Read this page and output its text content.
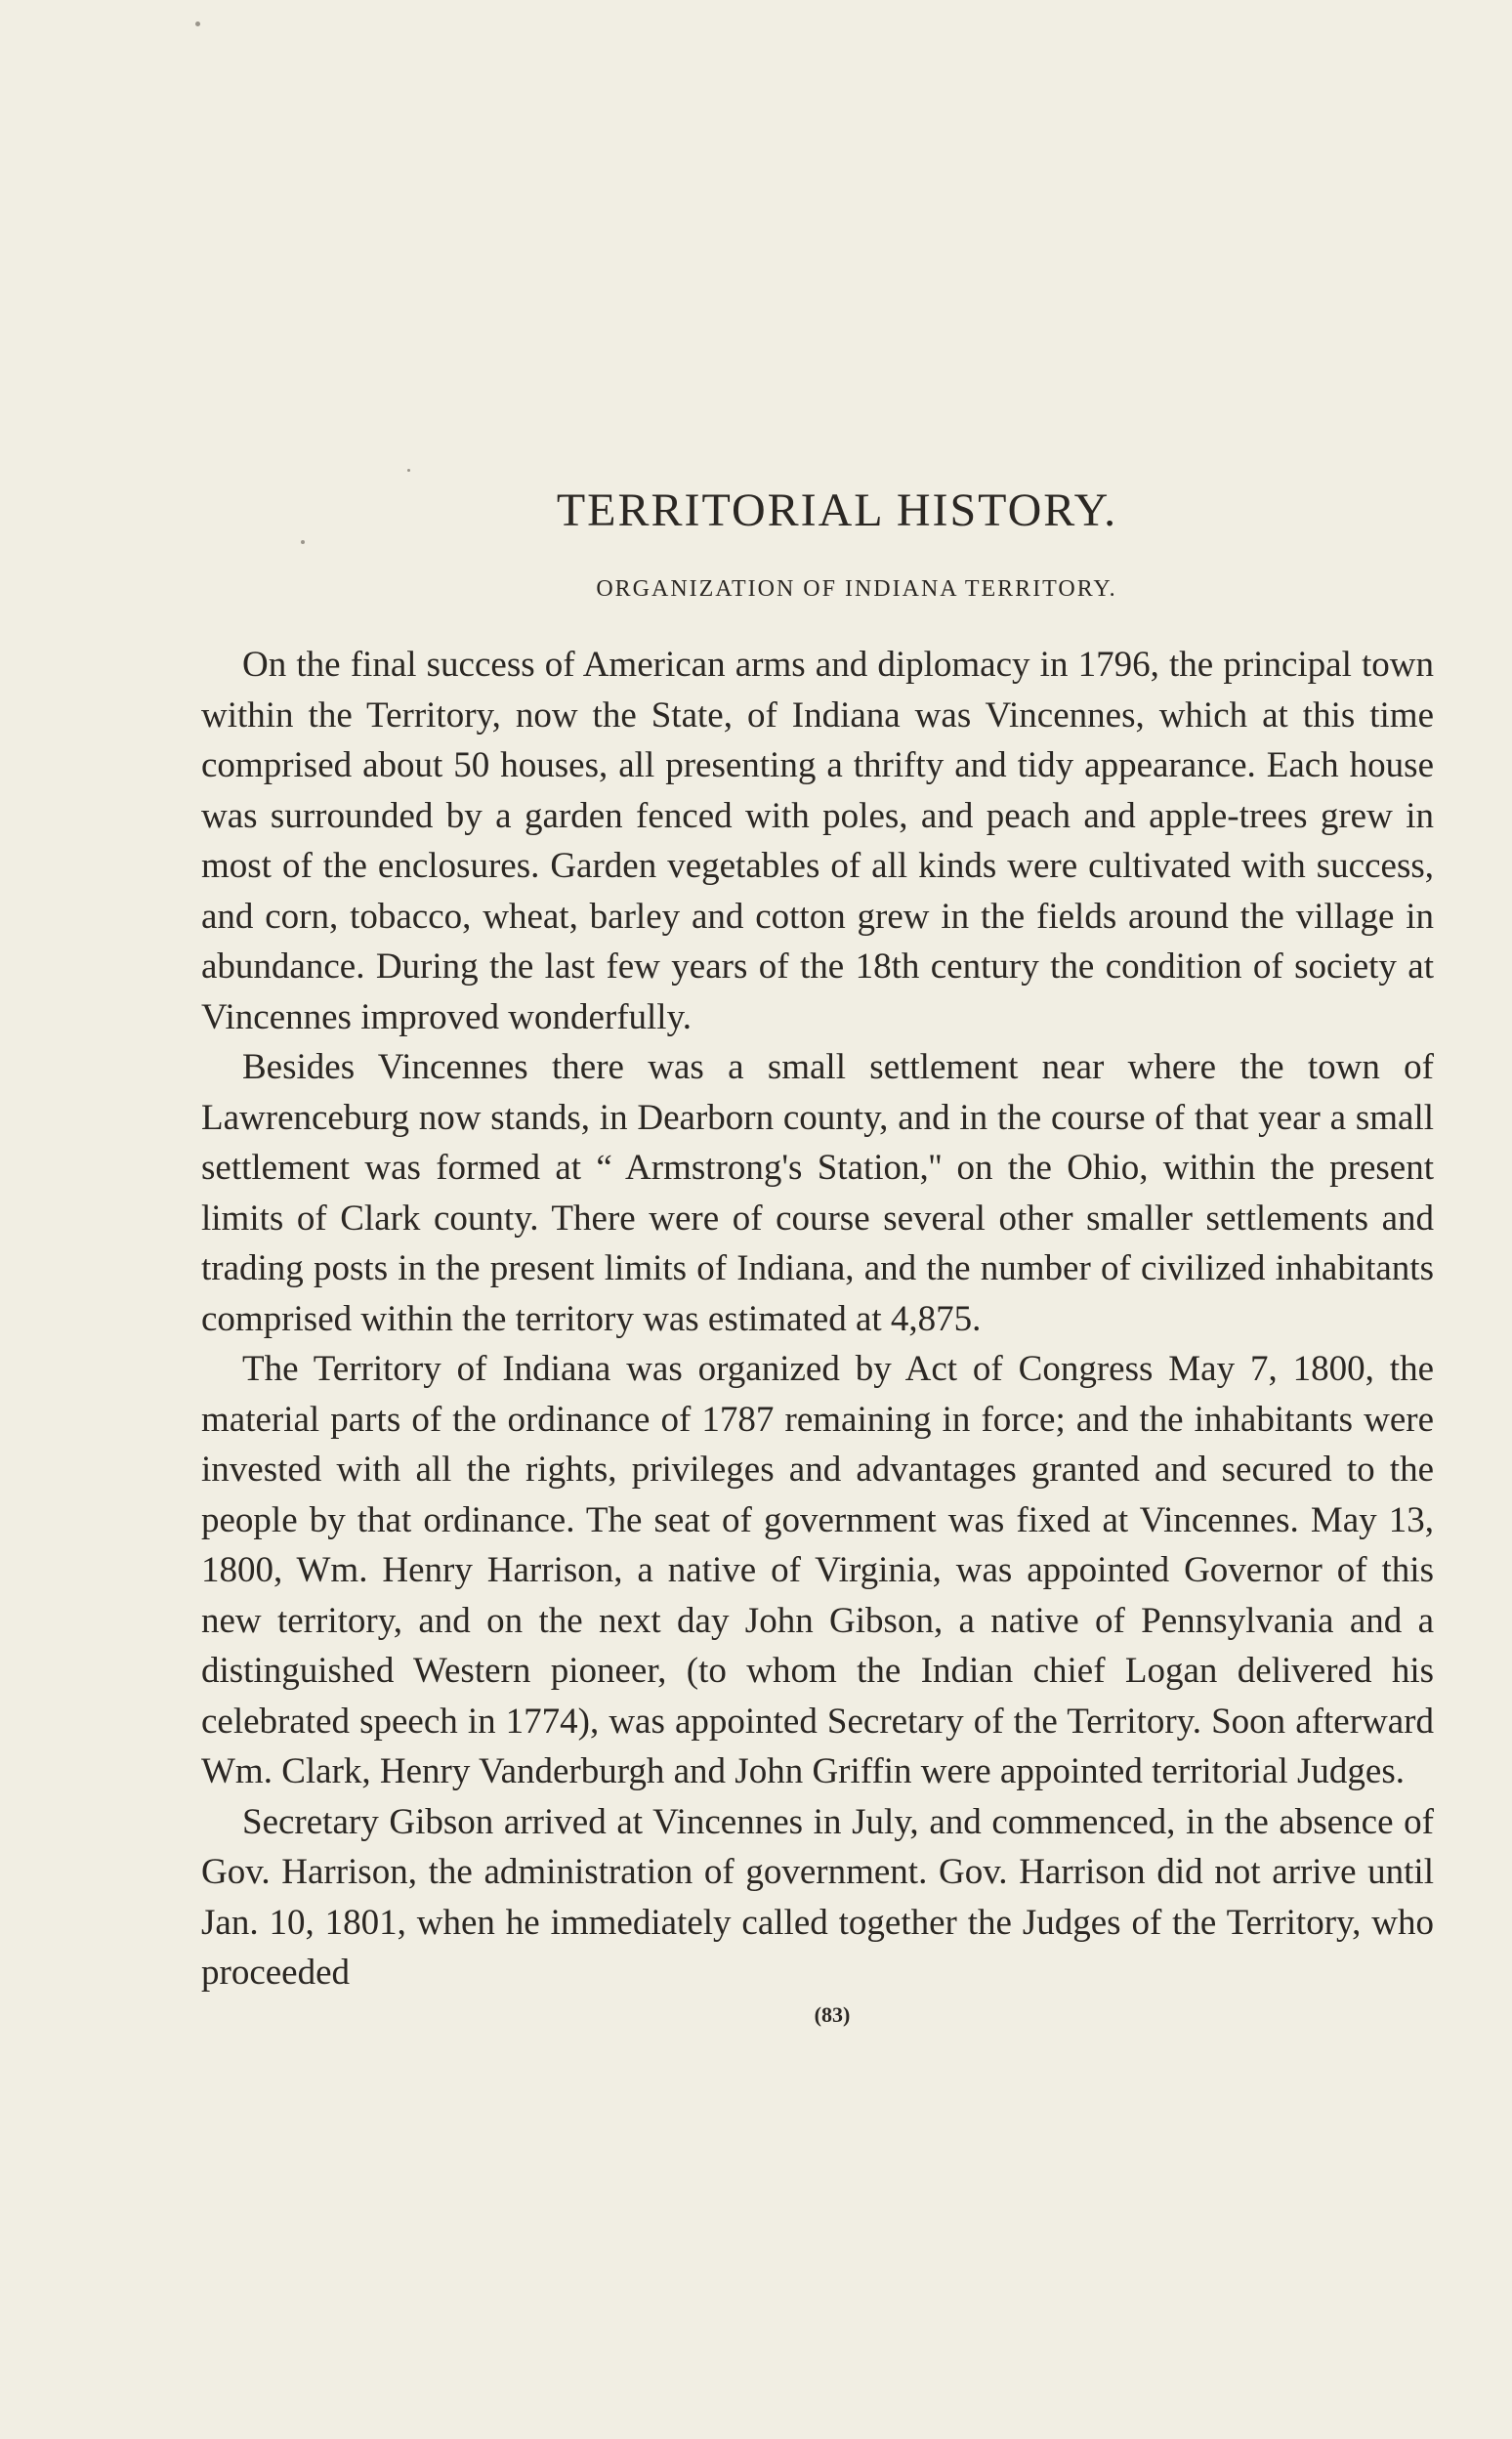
TERRITORIAL HISTORY.
ORGANIZATION OF INDIANA TERRITORY.

On the final success of American arms and diplomacy in 1796, the principal town within the Territory, now the State, of Indiana was Vincennes, which at this time comprised about 50 houses, all presenting a thrifty and tidy appearance. Each house was surrounded by a garden fenced with poles, and peach and apple-trees grew in most of the enclosures. Garden vegetables of all kinds were cultivated with success, and corn, tobacco, wheat, barley and cotton grew in the fields around the village in abundance. During the last few years of the 18th century the condition of society at Vincennes improved wonderfully.

Besides Vincennes there was a small settlement near where the town of Lawrenceburg now stands, in Dearborn county, and in the course of that year a small settlement was formed at “ Armstrong's Station,'' on the Ohio, within the present limits of Clark county. There were of course several other smaller settlements and trading posts in the present limits of Indiana, and the number of civilized inhabitants comprised within the territory was estimated at 4,875.

The Territory of Indiana was organized by Act of Congress May 7, 1800, the material parts of the ordinance of 1787 remaining in force; and the inhabitants were invested with all the rights, privileges and advantages granted and secured to the people by that ordinance. The seat of government was fixed at Vincennes. May 13, 1800, Wm. Henry Harrison, a native of Virginia, was appointed Governor of this new territory, and on the next day John Gibson, a native of Pennsylvania and a distinguished Western pioneer, (to whom the Indian chief Logan delivered his celebrated speech in 1774), was appointed Secretary of the Territory. Soon afterward Wm. Clark, Henry Vanderburgh and John Griffin were appointed territorial Judges.

Secretary Gibson arrived at Vincennes in July, and commenced, in the absence of Gov. Harrison, the administration of government. Gov. Harrison did not arrive until Jan. 10, 1801, when he immediately called together the Judges of the Territory, who proceeded

(83)
